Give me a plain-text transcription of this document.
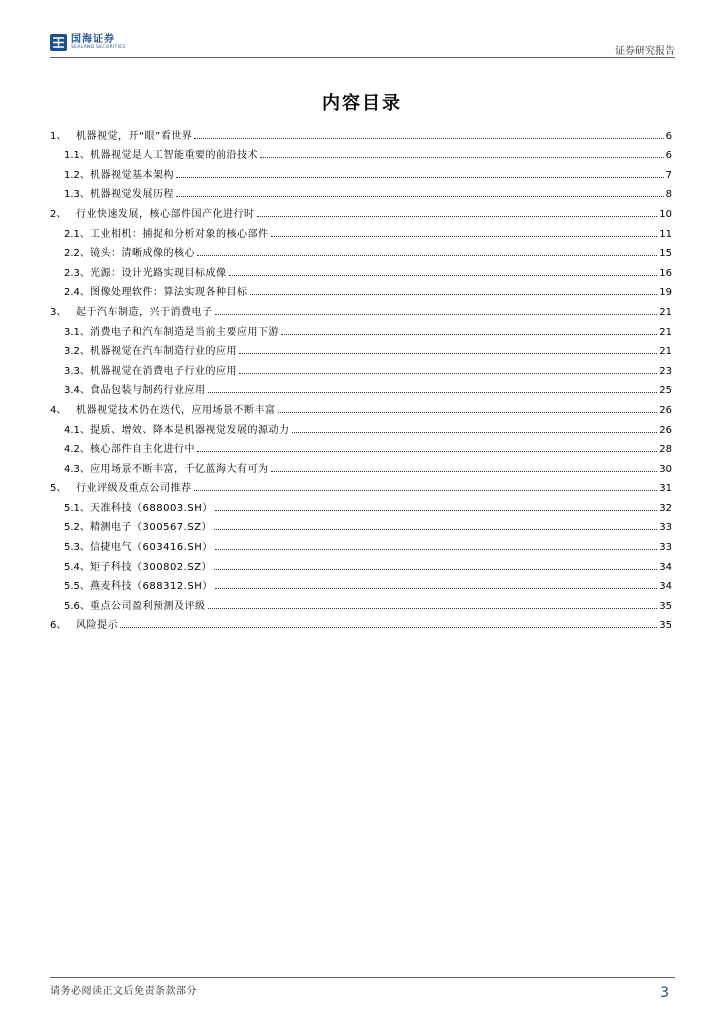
国海证券
SEALAND SECURITIES	证券研究报告
内容目录
1、 机器视觉，开“眼”看世界	6
1.1、 机器视觉是人工智能重要的前沿技术	6
1.2、 机器视觉基本架构	7
1.3、 机器视觉发展历程	8
2、 行业快速发展，核心部件国产化进行时	10
2.1、 工业相机：捕捉和分析对象的核心部件	11
2.2、 镜头：清晰成像的核心	15
2.3、 光源：设计光路实现目标成像	16
2.4、 图像处理软件：算法实现各种目标	19
3、 起于汽车制造，兴于消费电子	21
3.1、 消费电子和汽车制造是当前主要应用下游	21
3.2、 机器视觉在汽车制造行业的应用	21
3.3、 机器视觉在消费电子行业的应用	23
3.4、 食品包装与制药行业应用	25
4、 机器视觉技术仍在迭代，应用场景不断丰富	26
4.1、 提质、增效、降本是机器视觉发展的源动力	26
4.2、 核心部件自主化进行中	28
4.3、 应用场景不断丰富，千亿蓝海大有可为	30
5、 行业评级及重点公司推荐	31
5.1、 天准科技（688003.SH）	32
5.2、 精测电子（300567.SZ）	33
5.3、 信捷电气（603416.SH）	33
5.4、 矩子科技（300802.SZ）	34
5.5、 燕麦科技（688312.SH）	34
5.6、 重点公司盈利预测及评级	35
6、 风险提示	35
请务必阅读正文后免责条款部分	3
